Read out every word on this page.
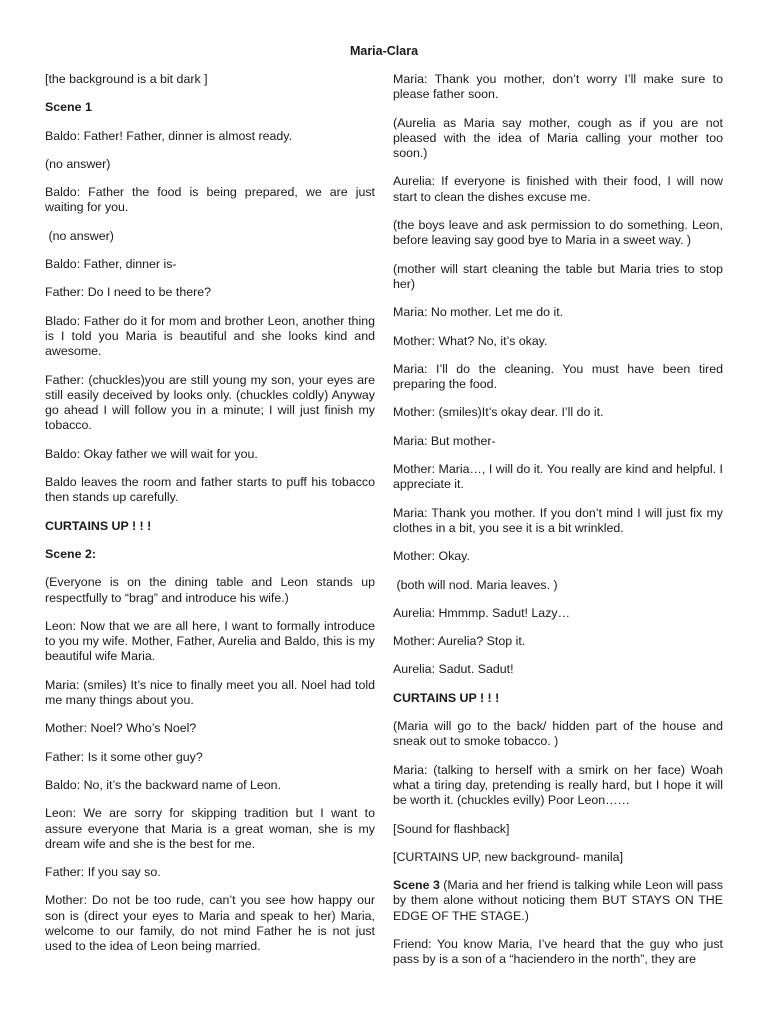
Maria-Clara

[the background is a bit dark ]

Scene 1

Baldo: Father! Father, dinner is almost ready.

(no answer)

Baldo: Father the food is being prepared, we are just waiting for you.

(no answer)

Baldo: Father, dinner is-

Father: Do I need to be there?

Blado: Father do it for mom and brother Leon, another thing is I told you Maria is beautiful and she looks kind and awesome.

Father: (chuckles)you are still young my son, your eyes are still easily deceived by looks only. (chuckles coldly) Anyway go ahead I will follow you in a minute; I will just finish my tobacco.

Baldo: Okay father we will wait for you.

Baldo leaves the room and father starts to puff his tobacco then stands up carefully.

CURTAINS UP ! ! !

Scene 2:

(Everyone is on the dining table and Leon stands up respectfully to “brag” and introduce his wife.)

Leon: Now that we are all here, I want to formally introduce to you my wife. Mother, Father, Aurelia and Baldo, this is my beautiful wife Maria.

Maria: (smiles) It’s nice to finally meet you all. Noel had told me many things about you.

Mother: Noel? Who’s Noel?

Father: Is it some other guy?

Baldo: No, it’s the backward name of Leon.

Leon: We are sorry for skipping tradition but I want to assure everyone that Maria is a great woman, she is my dream wife and she is the best for me.

Father: If you say so.

Mother: Do not be too rude, can’t you see how happy our son is (direct your eyes to Maria and speak to her) Maria, welcome to our family, do not mind Father he is not just used to the idea of Leon being married.

Maria: Thank you mother, don’t worry I’ll make sure to please father soon.

(Aurelia as Maria say mother, cough as if you are not pleased with the idea of Maria calling your mother too soon.)

Aurelia: If everyone is finished with their food, I will now start to clean the dishes excuse me.

(the boys leave and ask permission to do something. Leon, before leaving say good bye to Maria in a sweet way. )

(mother will start cleaning the table but Maria tries to stop her)

Maria: No mother. Let me do it.

Mother: What? No, it’s okay.

Maria: I’ll do the cleaning. You must have been tired preparing the food.

Mother: (smiles)It’s okay dear. I’ll do it.

Maria: But mother-

Mother: Maria…, I will do it. You really are kind and helpful. I appreciate it.

Maria: Thank you mother. If you don’t mind I will just fix my clothes in a bit, you see it is a bit wrinkled.

Mother: Okay.

(both will nod. Maria leaves. )

Aurelia: Hmmmp. Sadut! Lazy…

Mother: Aurelia? Stop it.

Aurelia: Sadut. Sadut!

CURTAINS UP ! ! !

(Maria will go to the back/ hidden part of the house and sneak out to smoke tobacco. )

Maria: (talking to herself with a smirk on her face) Woah what a tiring day, pretending is really hard, but I hope it will be worth it. (chuckles evilly) Poor Leon……

[Sound for flashback]

[CURTAINS UP, new background- manila]

Scene 3 (Maria and her friend is talking while Leon will pass by them alone without noticing them BUT STAYS ON THE EDGE OF THE STAGE.)

Friend: You know Maria, I’ve heard that the guy who just pass by is a son of a “haciendero in the north”, they are
